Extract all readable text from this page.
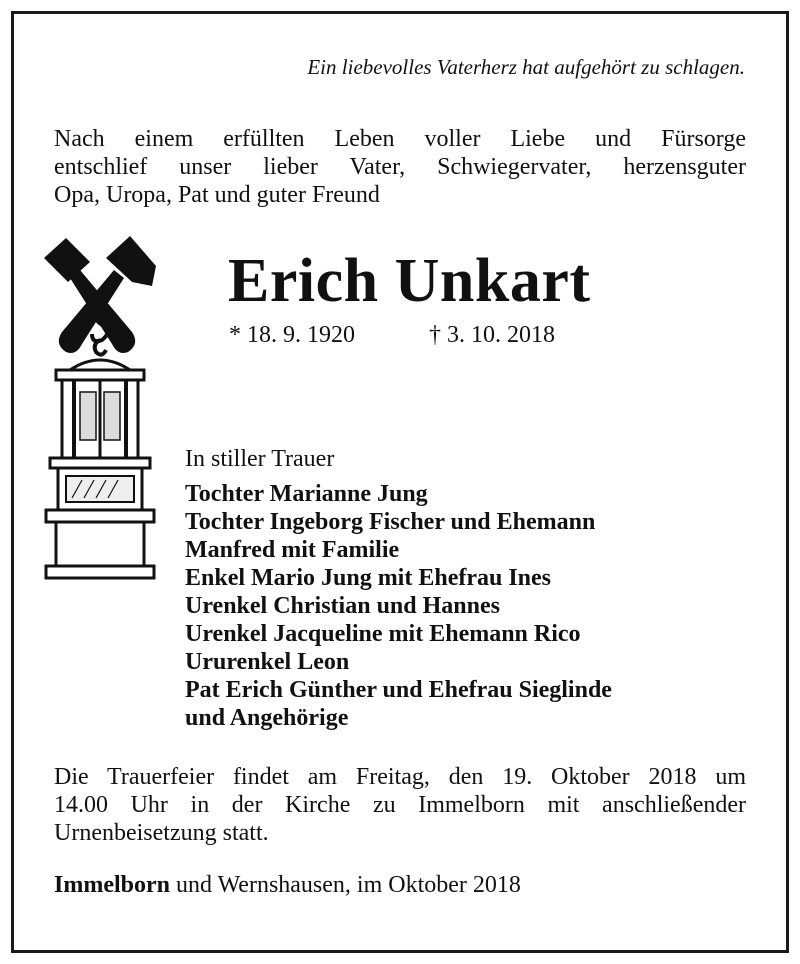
Ein liebevolles Vaterherz hat aufgehört zu schlagen.

Nach einem erfüllten Leben voller Liebe und Fürsorge
entschlief unser lieber Vater, Schwiegervater, herzensguter
Opa, Uropa, Pat und guter Freund

Erich Unkart
* 18. 9. 1920	† 3. 10. 2018
In stiller Trauer
Tochter Marianne Jung
Tochter Ingeborg Fischer und Ehemann
Manfred mit Familie
Enkel Mario Jung mit Ehefrau Ines
Urenkel Christian und Hannes
Urenkel Jacqueline mit Ehemann Rico
Ururenkel Leon
Pat Erich Günther und Ehefrau Sieglinde
und Angehörige

Die Trauerfeier findet am Freitag, den 19. Oktober 2018 um
14.00 Uhr in der Kirche zu Immelborn mit anschließender
Urnenbeisetzung statt.

Immelborn und Wernshausen, im Oktober 2018
